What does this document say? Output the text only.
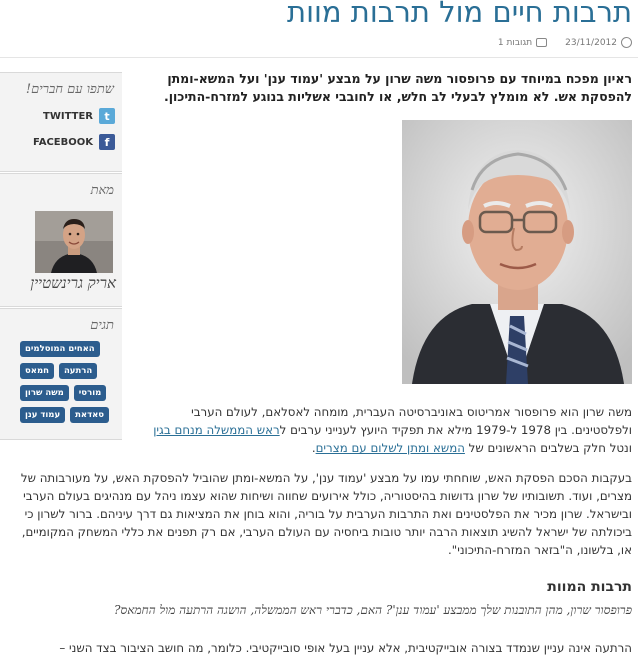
תרבות חיים מול תרבות מוות
23/11/2012
תגובות 1
שתפו עם חברים!
TWITTER	t
FACEBOOK	f
מאת
אריק גרינשטיין
תגים
האחים המוסלמים
הרתעה
חמאס
מורסי
משה שרון
סאדאת
עמוד ענן

ראיון מפכח במיוחד עם פרופסור משה שרון על מבצע 'עמוד ענן' ועל המשא-ומתן להפסקת אש. לא מומלץ לבעלי לב חלש, או לחובבי אשליות בנוגע למזרח-התיכון.

משה שרון הוא פרופסור אמריטוס באוניברסיטה העברית, מומחה לאסלאם, לעולם הערבי ולפלסטינים. בין 1978 ל-1979 מילא את תפקיד היועץ לענייני ערבים לראש הממשלה מנחם בגין ונטל חלק בשלבים הראשונים של המשא ומתן לשלום עם מצרים.

בעקבות הסכם הפסקת האש, שוחחתי עמו על מבצע 'עמוד ענן', על המשא-ומתן שהוביל להפסקת האש, על מעורבותה של מצרים, ועוד. תשובותיו של שרון גדושות בהיסטוריה, כולל אירועים שחווה ושיחות שהוא עצמו ניהל עם מנהיגים בעולם הערבי ובישראל. שרון מכיר את הפלסטינים ואת התרבות הערבית על בוריה, והוא בוחן את המציאות גם דרך עיניהם. ברור לשרון כי ביכולתה של ישראל להשיג תוצאות הרבה יותר טובות ביחסיה עם העולם הערבי, אם רק תפנים את כללי המשחק המקומיים, או, בלשונו, ה"בזאר המזרח-התיכוני".

תרבות המוות

פרופסור שרון, מהן התובנות שלך ממבצע 'עמוד ענן'? האם, כדברי ראש הממשלה, הושגה הרתעה מול החמאס?

הרתעה אינה עניין שנמדד בצורה אובייקטיבית, אלא עניין בעל אופי סובייקטיבי. כלומר, מה חושב הציבור בצד השני –
